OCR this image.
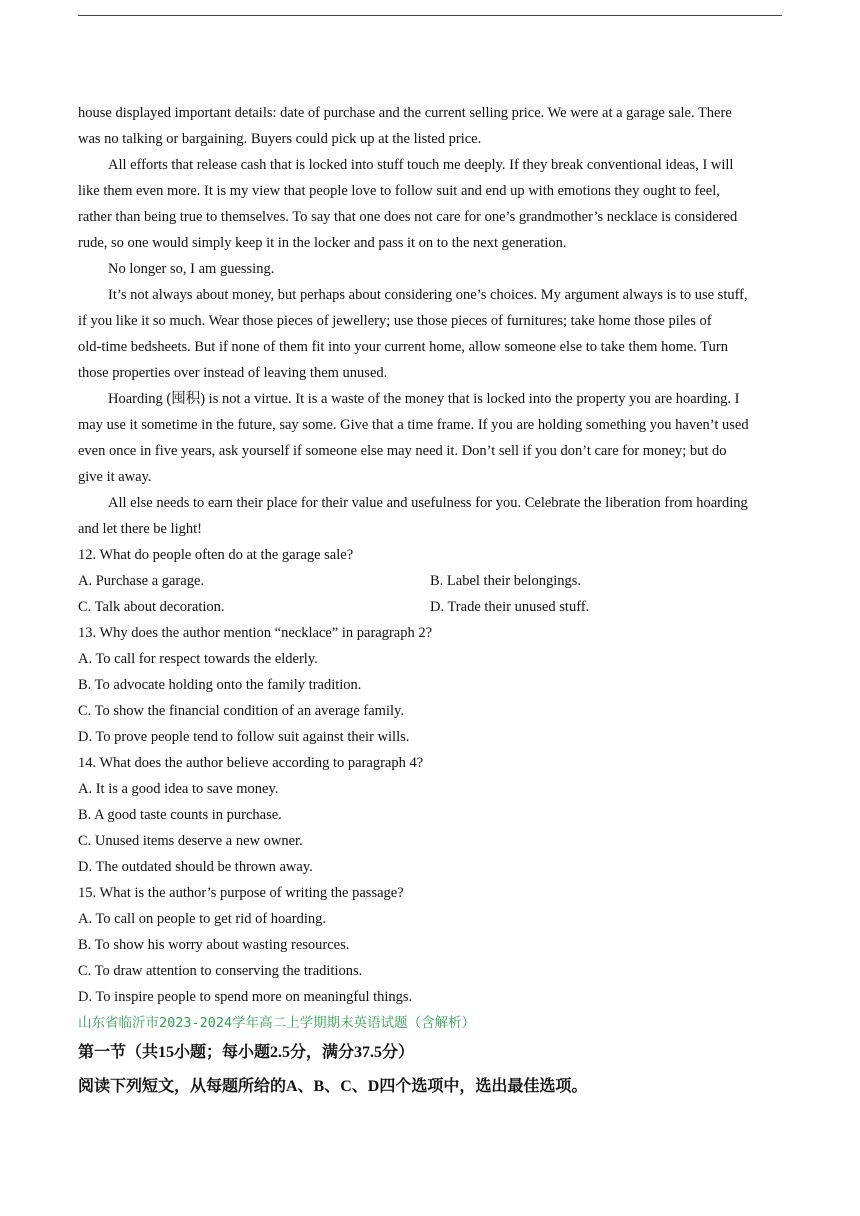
house displayed important details: date of purchase and the current selling price. We were at a garage sale. There
was no talking or bargaining. Buyers could pick up at the listed price.
All efforts that release cash that is locked into stuff touch me deeply. If they break conventional ideas, I will
like them even more. It is my view that people love to follow suit and end up with emotions they ought to feel,
rather than being true to themselves. To say that one does not care for one’s grandmother’s necklace is considered
rude, so one would simply keep it in the locker and pass it on to the next generation.
No longer so, I am guessing.
It’s not always about money, but perhaps about considering one’s choices. My argument always is to use stuff,
if you like it so much. Wear those pieces of jewellery; use those pieces of furnitures; take home those piles of
old-time bedsheets. But if none of them fit into your current home, allow someone else to take them home. Turn
those properties over instead of leaving them unused.
Hoarding (囤积) is not a virtue. It is a waste of the money that is locked into the property you are hoarding. I
may use it sometime in the future, say some. Give that a time frame. If you are holding something you haven’t used
even once in five years, ask yourself if someone else may need it. Don’t sell if you don’t care for money; but do
give it away.
All else needs to earn their place for their value and usefulness for you. Celebrate the liberation from hoarding
and let there be light!
12. What do people often do at the garage sale?
A. Purchase a garage.	B. Label their belongings.
C. Talk about decoration.	D. Trade their unused stuff.
13. Why does the author mention “necklace” in paragraph 2?
A. To call for respect towards the elderly.
B. To advocate holding onto the family tradition.
C. To show the financial condition of an average family.
D. To prove people tend to follow suit against their wills.
14. What does the author believe according to paragraph 4?
A. It is a good idea to save money.
B. A good taste counts in purchase.
C. Unused items deserve a new owner.
D. The outdated should be thrown away.
15. What is the author’s purpose of writing the passage?
A. To call on people to get rid of hoarding.
B. To show his worry about wasting resources.
C. To draw attention to conserving the traditions.
D. To inspire people to spend more on meaningful things.
山东省临沂市2023-2024学年高二上学期期末英语试题（含解析）
第一节（共15小题；每小题2.5分，满分37.5分）
阅读下列短文，从每题所给的A、B、C、D四个选项中，选出最佳选项。
